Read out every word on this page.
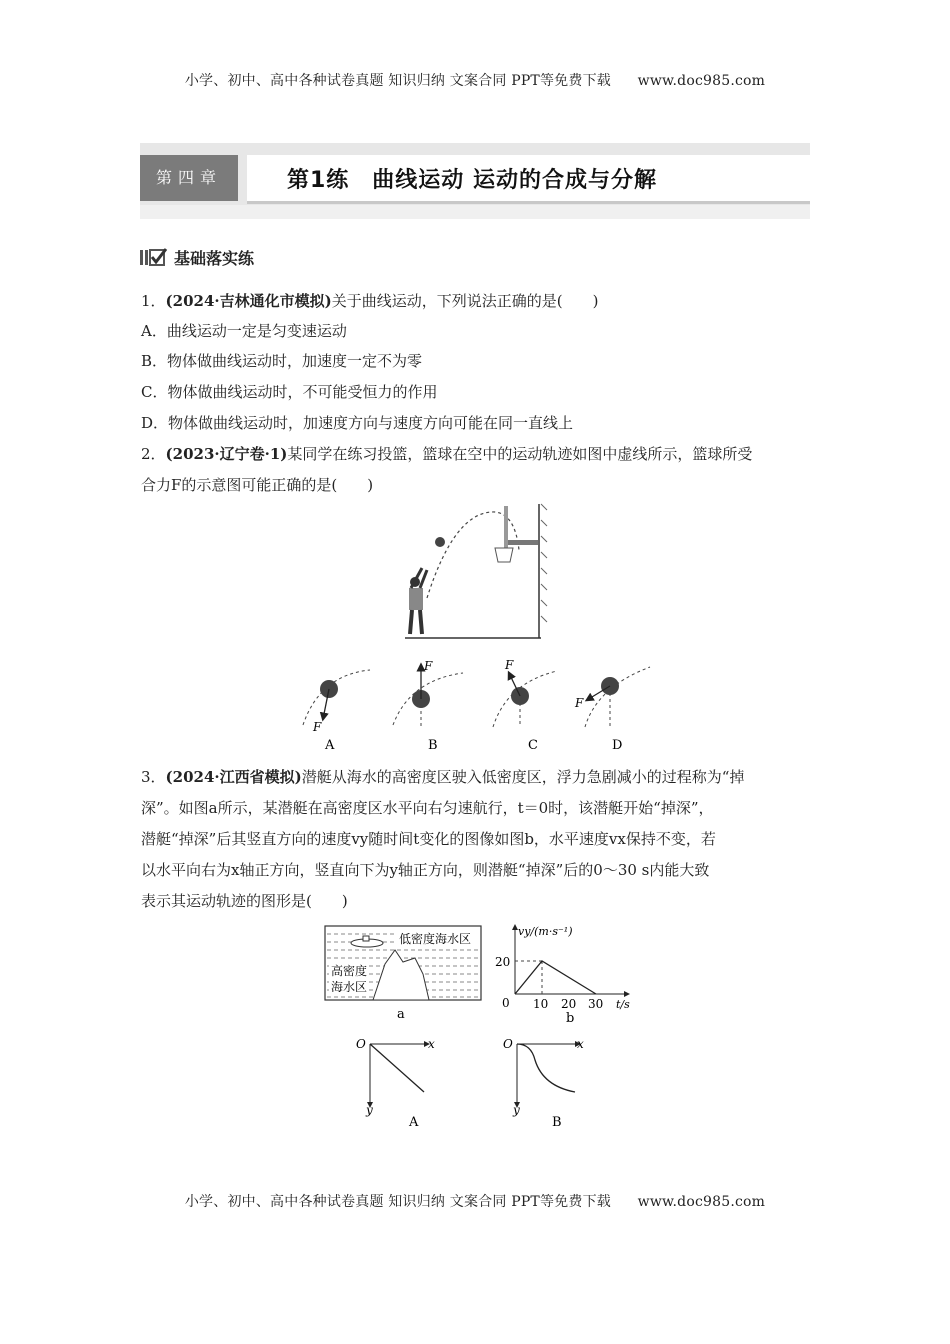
小学、初中、高中各种试卷真题 知识归纳 文案合同 PPT等免费下载 www.doc985.com
第四章	第1练　曲线运动 运动的合成与分解
基础落实练
1．(2024·吉林通化市模拟)关于曲线运动，下列说法正确的是(　　)
A．曲线运动一定是匀变速运动
B．物体做曲线运动时，加速度一定不为零
C．物体做曲线运动时，不可能受恒力的作用
D．物体做曲线运动时，加速度方向与速度方向可能在同一直线上
2．(2023·辽宁卷·1)某同学在练习投篮，篮球在空中的运动轨迹如图中虚线所示，篮球所受
合力F的示意图可能正确的是(　　)
F
A
F
B
F
C
F
D
3．(2024·江西省模拟)潜艇从海水的高密度区驶入低密度区，浮力急剧减小的过程称为“掉
深”。如图a所示，某潜艇在高密度区水平向右匀速航行，t＝0时，该潜艇开始“掉深”，
潜艇“掉深”后其竖直方向的速度vy随时间t变化的图像如图b，水平速度vx保持不变，若
以水平向右为x轴正方向，竖直向下为y轴正方向，则潜艇“掉深”后的0～30 s内能大致
表示其运动轨迹的图形是(　　)
低密度海水区
高密度
海水区
a
vy/(m·s⁻¹)
t/s
20
0 10 20 30
b
O	x
y
A
O	x
y
B
小学、初中、高中各种试卷真题 知识归纳 文案合同 PPT等免费下载 www.doc985.com
